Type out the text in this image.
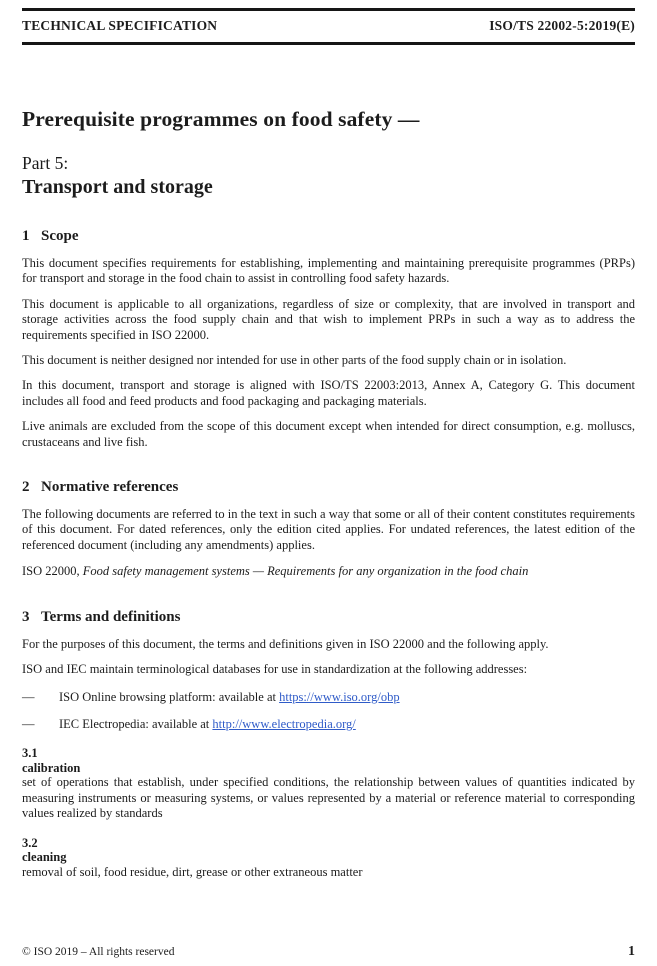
TECHNICAL SPECIFICATION	ISO/TS 22002-5:2019(E)
Prerequisite programmes on food safety —
Part 5:
Transport and storage
1 Scope

This document specifies requirements for establishing, implementing and maintaining prerequisite programmes (PRPs) for transport and storage in the food chain to assist in controlling food safety hazards.

This document is applicable to all organizations, regardless of size or complexity, that are involved in transport and storage activities across the food supply chain and that wish to implement PRPs in such a way as to address the requirements specified in ISO 22000.

This document is neither designed nor intended for use in other parts of the food supply chain or in isolation.

In this document, transport and storage is aligned with ISO/TS 22003:2013, Annex A, Category G. This document includes all food and feed products and food packaging and packaging materials.

Live animals are excluded from the scope of this document except when intended for direct consumption, e.g. molluscs, crustaceans and live fish.

2 Normative references

The following documents are referred to in the text in such a way that some or all of their content constitutes requirements of this document. For dated references, only the edition cited applies. For undated references, the latest edition of the referenced document (including any amendments) applies.

ISO 22000, Food safety management systems — Requirements for any organization in the food chain

3 Terms and definitions

For the purposes of this document, the terms and definitions given in ISO 22000 and the following apply.

ISO and IEC maintain terminological databases for use in standardization at the following addresses:

—	ISO Online browsing platform: available at https://www.iso.org/obp
—	IEC Electropedia: available at http://www.electropedia.org/
3.1
calibration
set of operations that establish, under specified conditions, the relationship between values of quantities indicated by measuring instruments or measuring systems, or values represented by a material or reference material to corresponding values realized by standards
3.2
cleaning
removal of soil, food residue, dirt, grease or other extraneous matter
© ISO 2019 – All rights reserved	1
